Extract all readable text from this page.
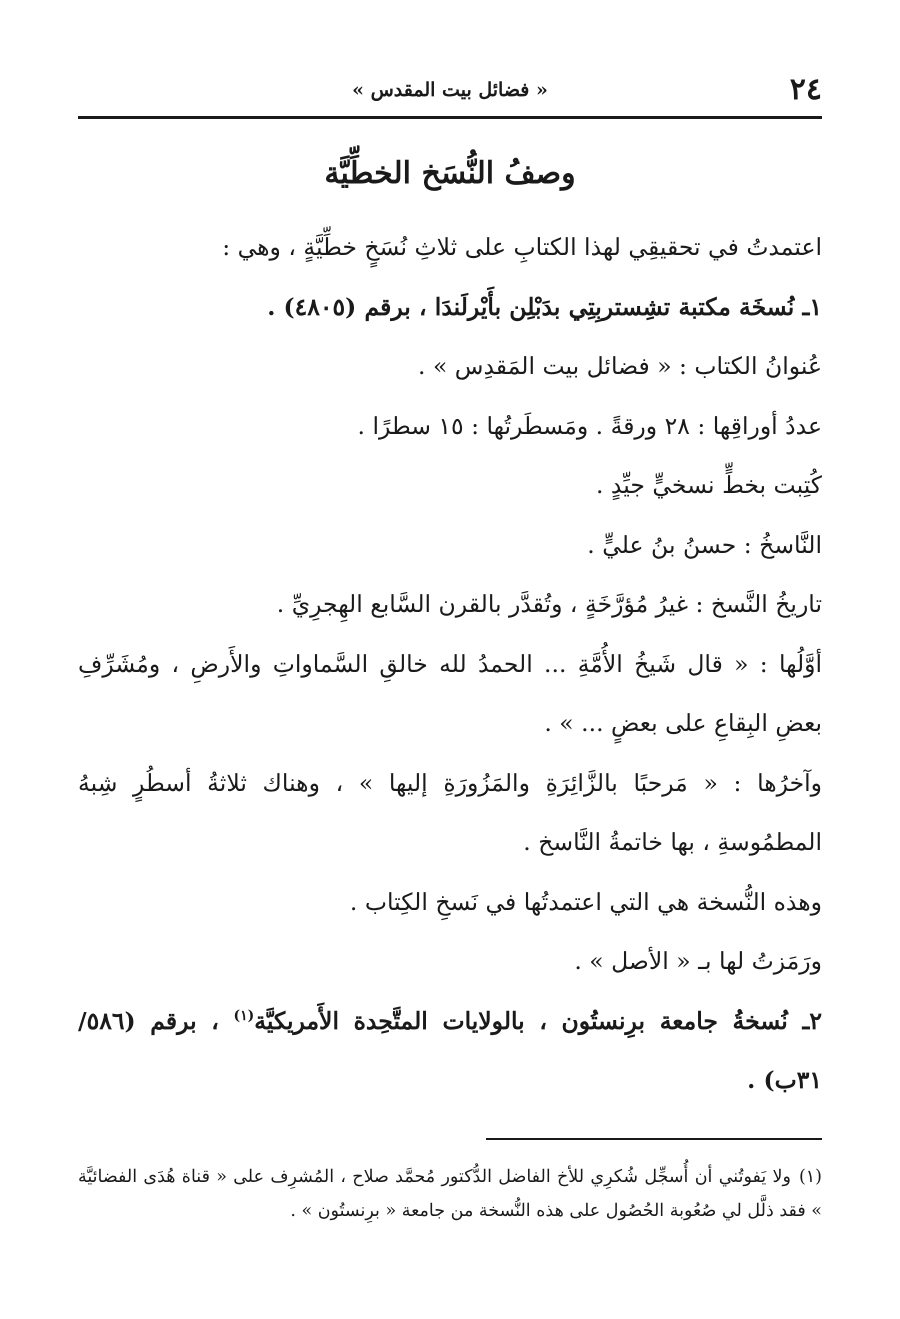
٢٤
« فضائل بيت المقدس »
وصفُ النُّسَخ الخطِّيَّة

اعتمدتُ في تحقيقِي لهذا الكتابِ على ثلاثِ نُسَخٍ خطِّيَّةٍ ، وهي :

١ـ نُسخَة مكتبة تشِستربِتِي بدَبْلِن بأَيْرلَندَا ، برقم (٤٨٠٥) .

عُنوانُ الكتاب : « فضائل بيت المَقدِس » .

عددُ أوراقِها : ٢٨ ورقةً . ومَسطَرتُها : ١٥ سطرًا .

كُتِبت بخطٍّ نسخيٍّ جيِّدٍ .

النَّاسخُ : حسنُ بنُ عليٍّ .

تاريخُ النَّسخ : غيرُ مُؤرَّخَةٍ ، وتُقدَّر بالقرن السَّابع الهِجرِيِّ .

أوَّلُها : « قال شَيخُ الأُمَّةِ ... الحمدُ لله خالقِ السَّماواتِ والأَرضِ ، ومُشَرِّفِ بعضِ البِقاعِ على بعضٍ ... » .

وآخرُها : « مَرحبًا بالزَّائِرَةِ والمَزُورَةِ إليها » ، وهناك ثلاثةُ أسطُرٍ شِبهُ المطمُوسةِ ، بها خاتمةُ النَّاسخ .

وهذه النُّسخة هي التي اعتمدتُها في نَسخِ الكِتاب .

ورَمَزتُ لها بـ « الأصل » .

٢ـ نُسخةُ جامعة برِنستُون ، بالولايات المتَّحِدة الأَمريكيَّة$^{(١)}$ ، برقم (٥٨٦/ ٣١ب) .

(١)ولا يَفوتُني أن أُسجِّل شُكرِي للأخ الفاضل الدُّكتور مُحمَّد صلاح ، المُشرِف على « قناة هُدَى الفضائيَّة » فقد ذلَّل لي صُعُوبة الحُصُول على هذه النُّسخة من جامعة « برِنستُون » .
